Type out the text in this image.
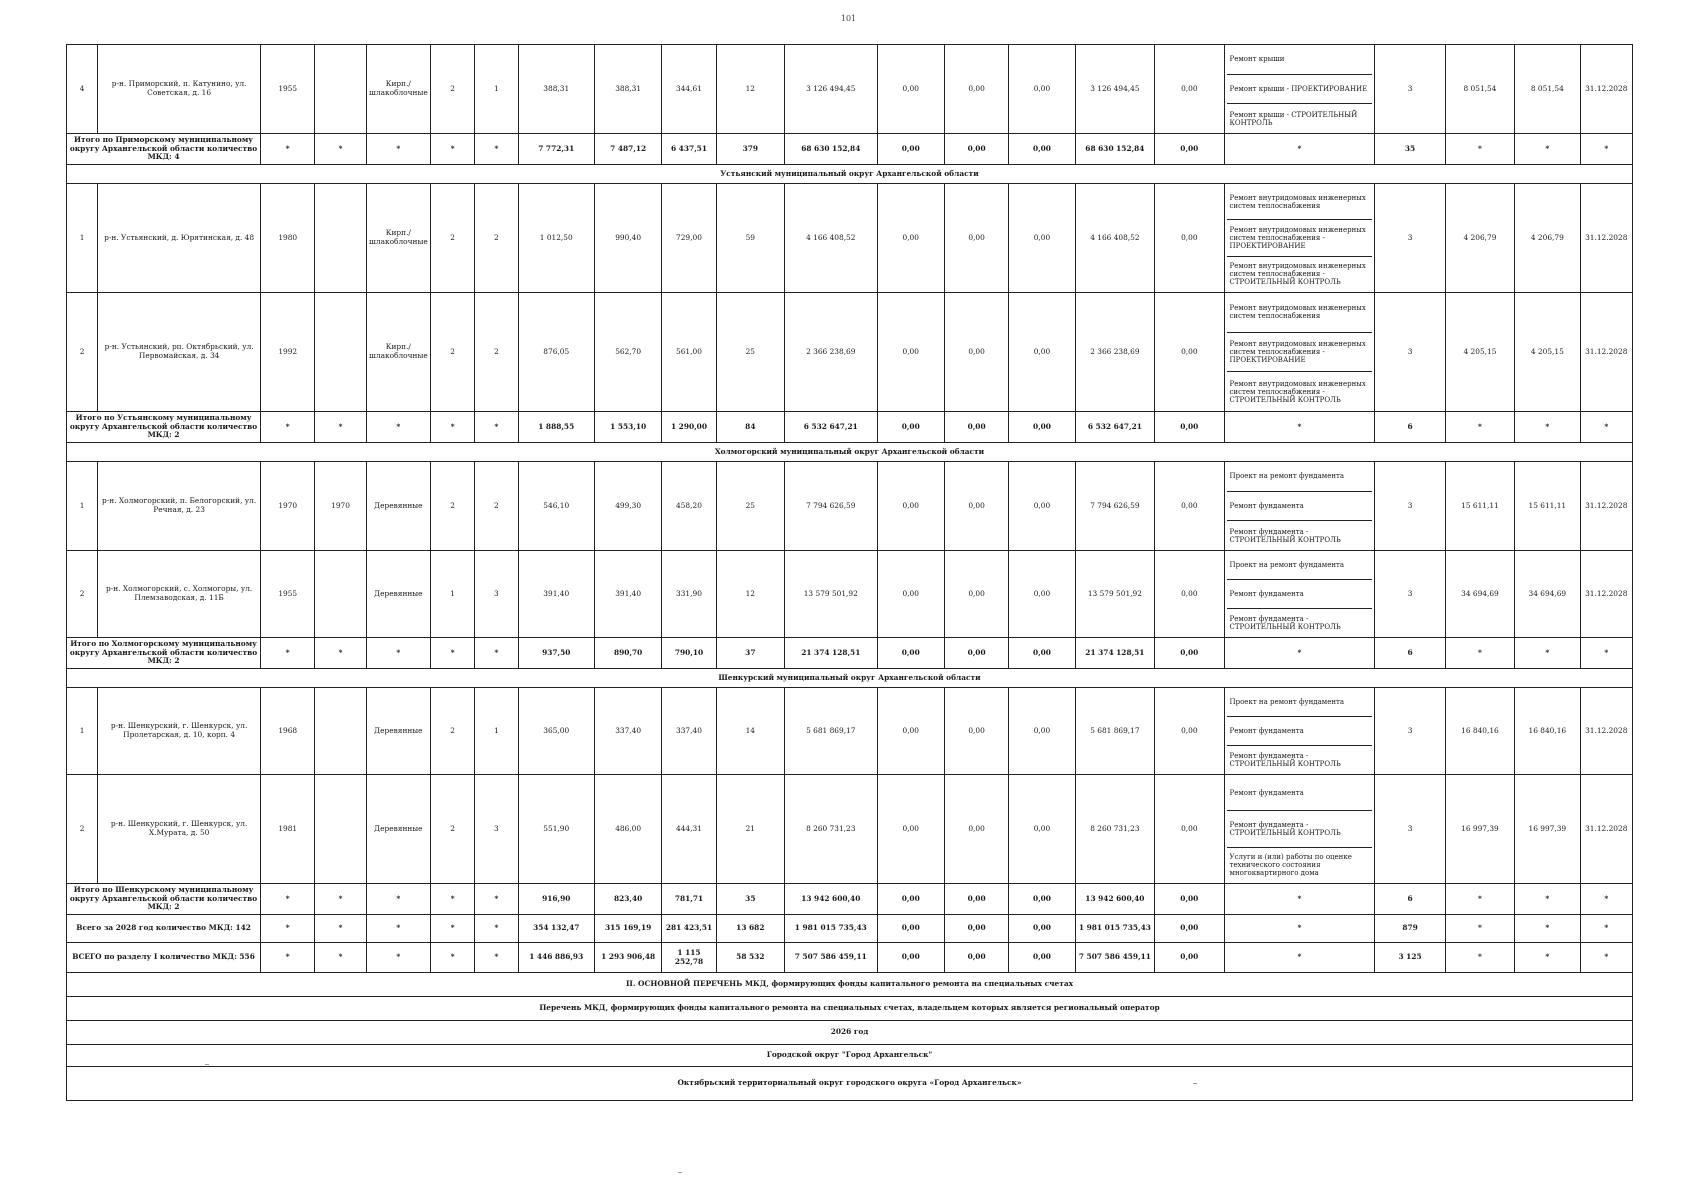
101
4	р-н. Приморский, п. Катунино, ул. Советская, д. 16	1955		Кирп./шлакоблочные	2	1	388,31	388,31	344,61	12	3 126 494,45	0,00	0,00	0,00	3 126 494,45	0,00	Ремонт крыши
Ремонт крыши - ПРОЕКТИРОВАНИЕ
Ремонт крыши - СТРОИТЕЛЬНЫЙ КОНТРОЛЬ	3	8 051,54	8 051,54	31.12.2028
Итого по Приморскому муниципальному округу Архангельской области количество МКД: 4		*	*	*	*	*	7 772,31	7 487,12	6 437,51	379	68 630 152,84	0,00	0,00	0,00	68 630 152,84	0,00	*	35	*	*	*
Устьянский муниципальный округ Архангельской области																					
1	р-н. Устьянский, д. Юрятинская, д. 48	1980		Кирп./шлакоблочные	2	2	1 012,50	990,40	729,00	59	4 166 408,52	0,00	0,00	0,00	4 166 408,52	0,00	Ремонт внутридомовых инженерных систем теплоснабжения
Ремонт внутридомовых инженерных систем теплоснабжения - ПРОЕКТИРОВАНИЕ
Ремонт внутридомовых инженерных систем теплоснабжения - СТРОИТЕЛЬНЫЙ КОНТРОЛЬ	3	4 206,79	4 206,79	31.12.2028
2	р-н. Устьянский, рп. Октябрьский, ул. Первомайская, д. 34	1992		Кирп./шлакоблочные	2	2	876,05	562,70	561,00	25	2 366 238,69	0,00	0,00	0,00	2 366 238,69	0,00	Ремонт внутридомовых инженерных систем теплоснабжения
Ремонт внутридомовых инженерных систем теплоснабжения - ПРОЕКТИРОВАНИЕ
Ремонт внутридомовых инженерных систем теплоснабжения - СТРОИТЕЛЬНЫЙ КОНТРОЛЬ	3	4 205,15	4 205,15	31.12.2028
Итого по Устьянскому муниципальному округу Архангельской области количество МКД: 2		*	*	*	*	*	1 888,55	1 553,10	1 290,00	84	6 532 647,21	0,00	0,00	0,00	6 532 647,21	0,00	*	6	*	*	*
Холмогорский муниципальный округ Архангельской области																					
1	р-н. Холмогорский, п. Белогорский, ул. Речная, д. 23	1970	1970	Деревянные	2	2	546,10	499,30	458,20	25	7 794 626,59	0,00	0,00	0,00	7 794 626,59	0,00	Проект на ремонт фундамента
Ремонт фундамента
Ремонт фундамента - СТРОИТЕЛЬНЫЙ КОНТРОЛЬ	3	15 611,11	15 611,11	31.12.2028
2	р-н. Холмогорский, с. Холмогоры, ул. Племзаводская, д. 11Б	1955		Деревянные	1	3	391,40	391,40	331,90	12	13 579 501,92	0,00	0,00	0,00	13 579 501,92	0,00	Проект на ремонт фундамента
Ремонт фундамента
Ремонт фундамента - СТРОИТЕЛЬНЫЙ КОНТРОЛЬ	3	34 694,69	34 694,69	31.12.2028
Итого по Холмогорскому муниципальному округу Архангельской области количество МКД: 2		*	*	*	*	*	937,50	890,70	790,10	37	21 374 128,51	0,00	0,00	0,00	21 374 128,51	0,00	*	6	*	*	*
Шенкурский муниципальный округ Архангельской области																					
1	р-н. Шенкурский, г. Шенкурск, ул. Пролетарская, д. 10, корп. 4	1968		Деревянные	2	1	365,00	337,40	337,40	14	5 681 869,17	0,00	0,00	0,00	5 681 869,17	0,00	Проект на ремонт фундамента
Ремонт фундамента
Ремонт фундамента - СТРОИТЕЛЬНЫЙ КОНТРОЛЬ	3	16 840,16	16 840,16	31.12.2028
2	р-н. Шенкурский, г. Шенкурск, ул. Х.Мурата, д. 50	1981		Деревянные	2	3	551,90	486,00	444,31	21	8 260 731,23	0,00	0,00	0,00	8 260 731,23	0,00	Ремонт фундамента
Ремонт фундамента - СТРОИТЕЛЬНЫЙ КОНТРОЛЬ
Услуги и (или) работы по оценке технического состояния многоквартирного дома	3	16 997,39	16 997,39	31.12.2028
Итого по Шенкурскому муниципальному округу Архангельской области количество МКД: 2		*	*	*	*	*	916,90	823,40	781,71	35	13 942 600,40	0,00	0,00	0,00	13 942 600,40	0,00	*	6	*	*	*
Всего за 2028 год количество МКД: 142		*	*	*	*	*	354 132,47	315 169,19	281 423,51	13 682	1 981 015 735,43	0,00	0,00	0,00	1 981 015 735,43	0,00	*	879	*	*	*
ВСЕГО по разделу I количество МКД: 556		*	*	*	*	*	1 446 886,93	1 293 906,48	1 115 252,78	58 532	7 507 586 459,11	0,00	0,00	0,00	7 507 586 459,11	0,00	*	3 125	*	*	*
II. ОСНОВНОЙ ПЕРЕЧЕНЬ МКД, формирующих фонды капитального ремонта на специальных счетах																					
Перечень МКД, формирующих фонды капитального ремонта на специальных счетах, владельцем которых является региональный оператор																					
2026 год																					
Городской округ "Город Архангельск"																					
Октябрьский территориальный округ городского округа «Город Архангельск»																					
